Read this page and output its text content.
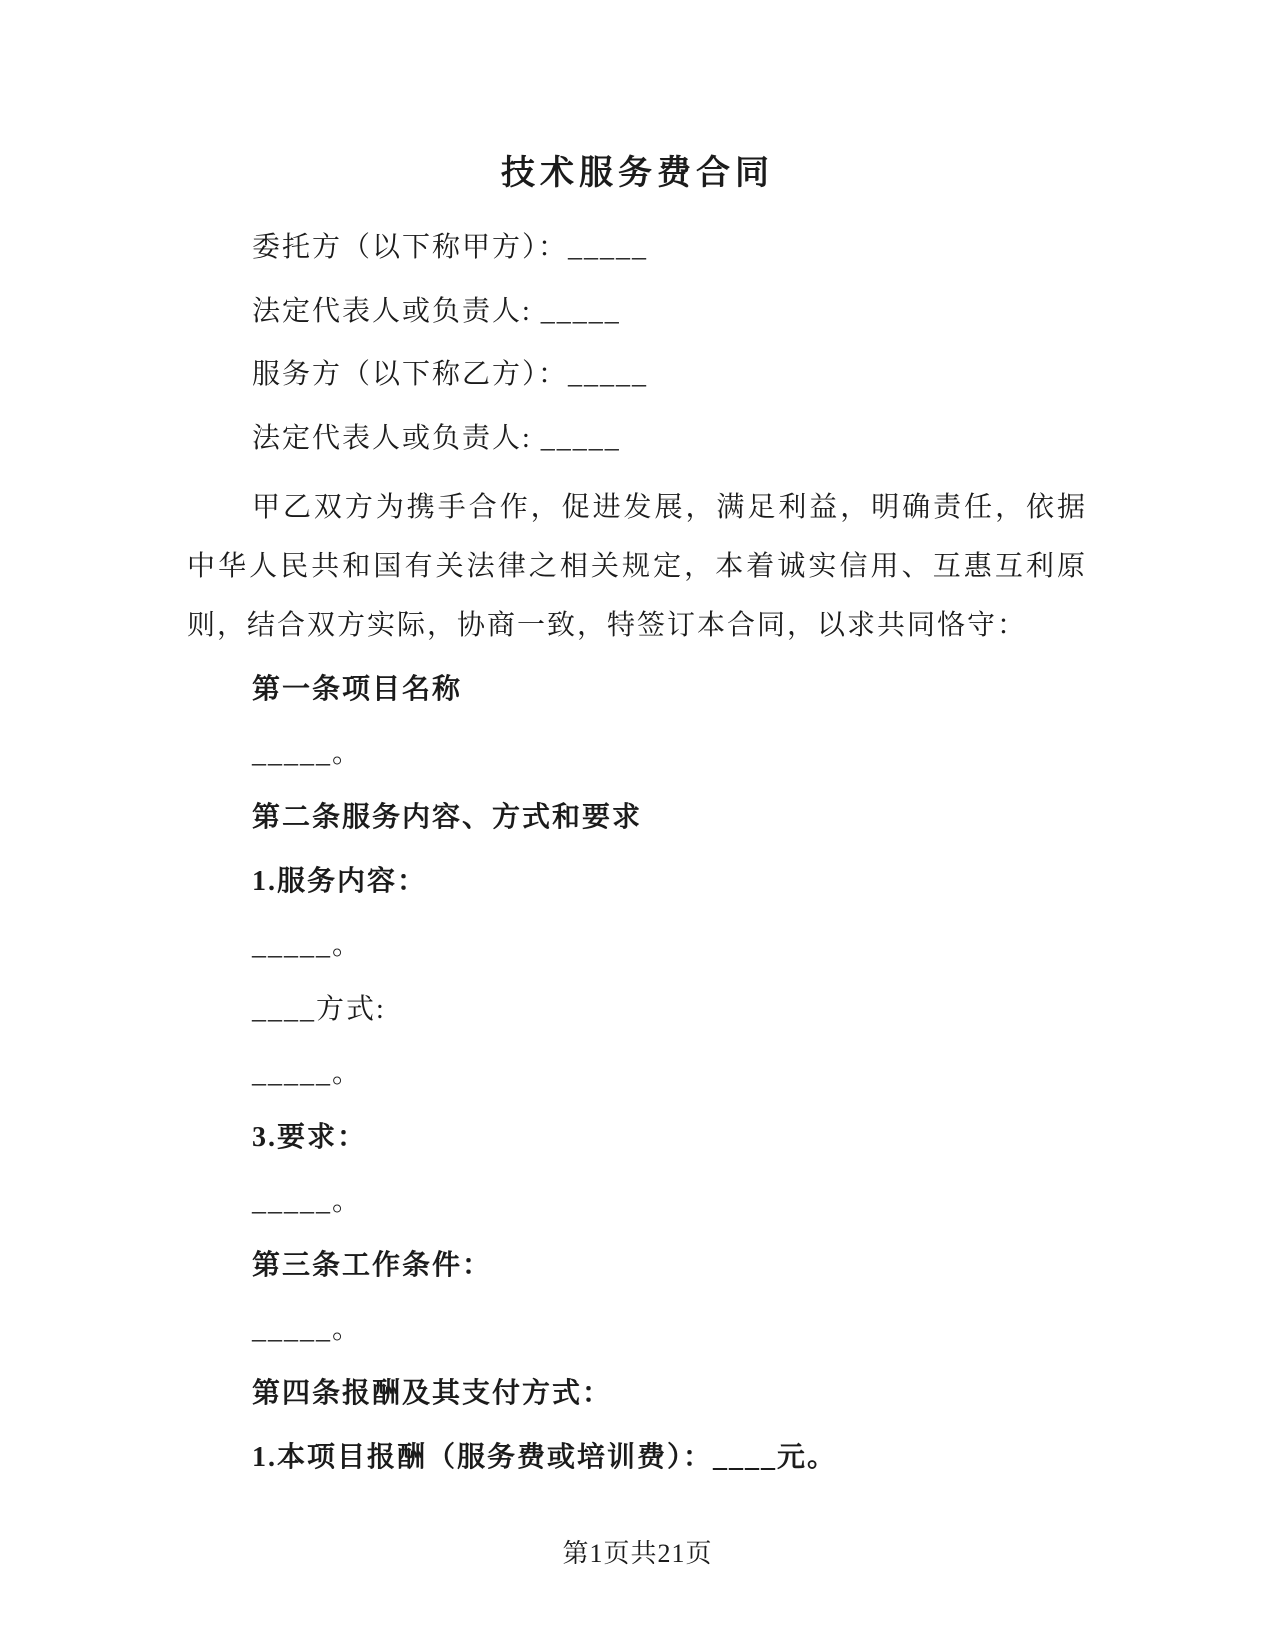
技术服务费合同

委托方（以下称甲方）：_____

法定代表人或负责人: _____

服务方（以下称乙方）：_____

法定代表人或负责人: _____

甲乙双方为携手合作，促进发展，满足利益，明确责任，依据中华人民共和国有关法律之相关规定，本着诚实信用、互惠互利原则，结合双方实际，协商一致，特签订本合同，以求共同恪守：

第一条项目名称

_____。

第二条服务内容、方式和要求

1.服务内容：

_____。

____方式:

_____。

3.要求：

_____。

第三条工作条件：

_____。

第四条报酬及其支付方式：

1.本项目报酬（服务费或培训费）：____元。

第1页共21页
